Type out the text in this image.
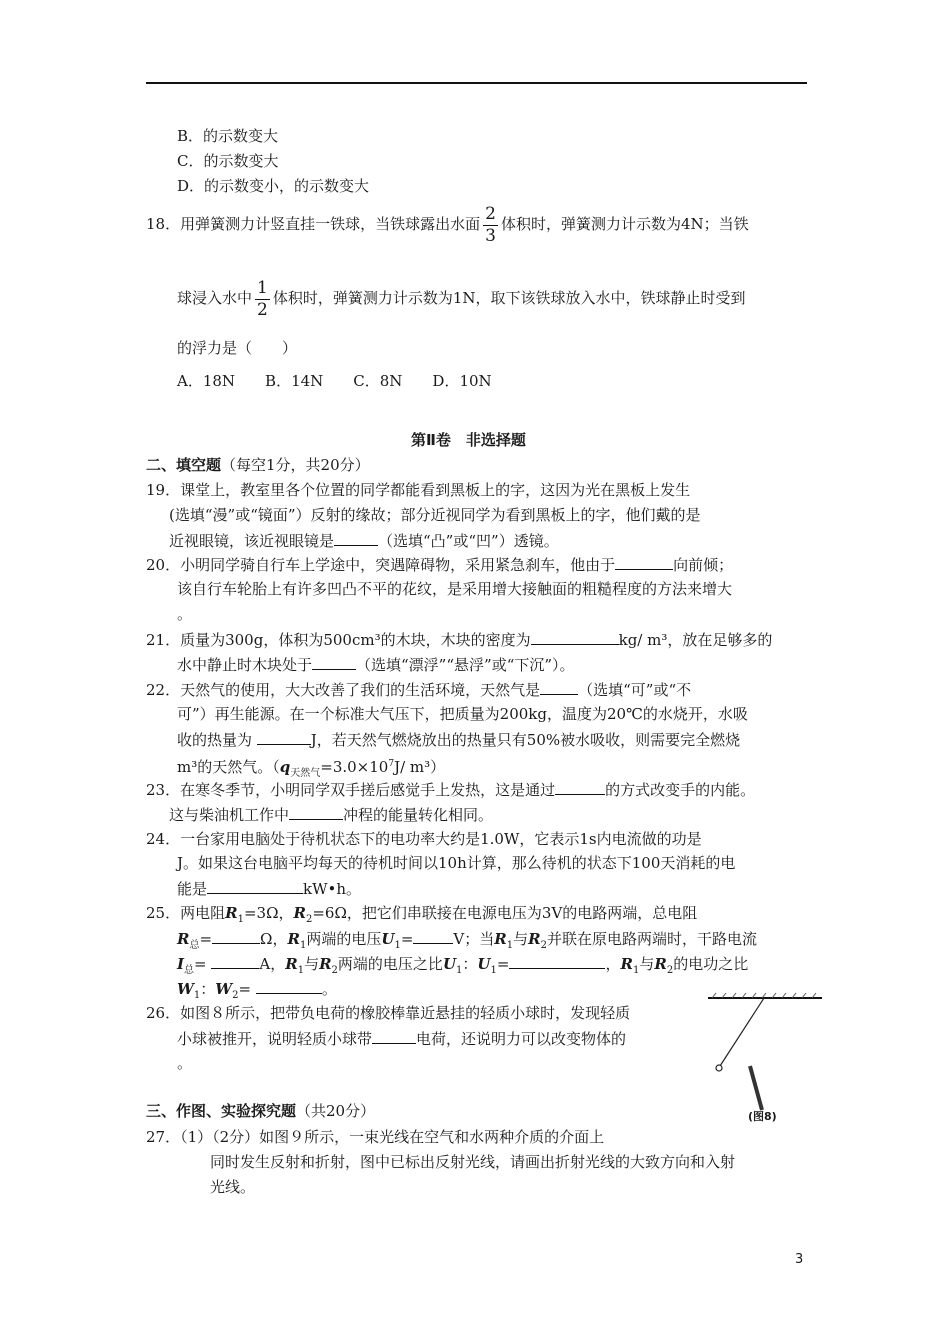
B．的示数变大
C．的示数变大
D．的示数变小，的示数变大
18．用弹簧测力计竖直挂一铁球，当铁球露出水面 $\frac{2}{3}$ 体积时，弹簧测力计示数为4N；当铁
球浸入水中 $\frac{1}{2}$ 体积时，弹簧测力计示数为1N，取下该铁球放入水中，铁球静止时受到
的浮力是（　　）
A．18N　　B．14N　　C．8N　　D．10N
第Ⅱ卷　非选择题
二、填空题（每空1分，共20分）
19．课堂上，教室里各个位置的同学都能看到黑板上的字，这因为光在黑板上发生
(选填“漫”或“镜面”）反射的缘故；部分近视同学为看到黑板上的字，他们戴的是
近视眼镜，该近视眼镜是	（选填“凸”或“凹”）透镜。
20．小明同学骑自行车上学途中，突遇障碍物，采用紧急刹车，他由于	向前倾；
该自行车轮胎上有许多凹凸不平的花纹，是采用增大接触面的粗糙程度的方法来增大
。
21．质量为300g，体积为500cm³的木块，木块的密度为	kg/ m³，放在足够多的
水中静止时木块处于	（选填“漂浮”“悬浮”或“下沉”）。
22．天然气的使用，大大改善了我们的生活环境，天然气是	（选填“可”或“不
可”）再生能源。在一个标准大气压下，把质量为200kg，温度为20℃的水烧开，水吸
收的热量为	J，若天然气燃烧放出的热量只有50%被水吸收，则需要完全燃烧
m³的天然气。（$q_{天然气}=3.0\times 10^7J/$ m³）
23．在寒冬季节，小明同学双手搓后感觉手上发热，这是通过	的方式改变手的内能。
这与柴油机工作中	冲程的能量转化相同。
24．一台家用电脑处于待机状态下的电功率大约是1.0W，它表示1s内电流做的功是
J。如果这台电脑平均每天的待机时间以10h计算，那么待机的状态下100天消耗的电
能是	kW•h。
25．两电阻$R_1=3\Omega$，$R_2=6\Omega$，把它们串联接在电源电压为3V的电路两端，总电阻
$R_总=$	Ω，$R_1$两端的电压$U_1=$	V；当$R_1$与$R_2$并联在原电路两端时，干路电流
$I_总=$	A，$R_1$与$R_2$两端的电压之比$U_1$：$U_1=$	，$R_1$与$R_2$的电功之比
$W_1$：$W_2=$	。
26．如图８所示，把带负电荷的橡胶棒靠近悬挂的轻质小球时，发现轻质
小球被推开，说明轻质小球带	电荷，还说明力可以改变物体的
。
(图8)
三、作图、实验探究题（共20分）
27．（1）（2分）如图９所示，一束光线在空气和水两种介质的介面上
同时发生反射和折射，图中已标出反射光线，请画出折射光线的大致方向和入射
光线。
3
